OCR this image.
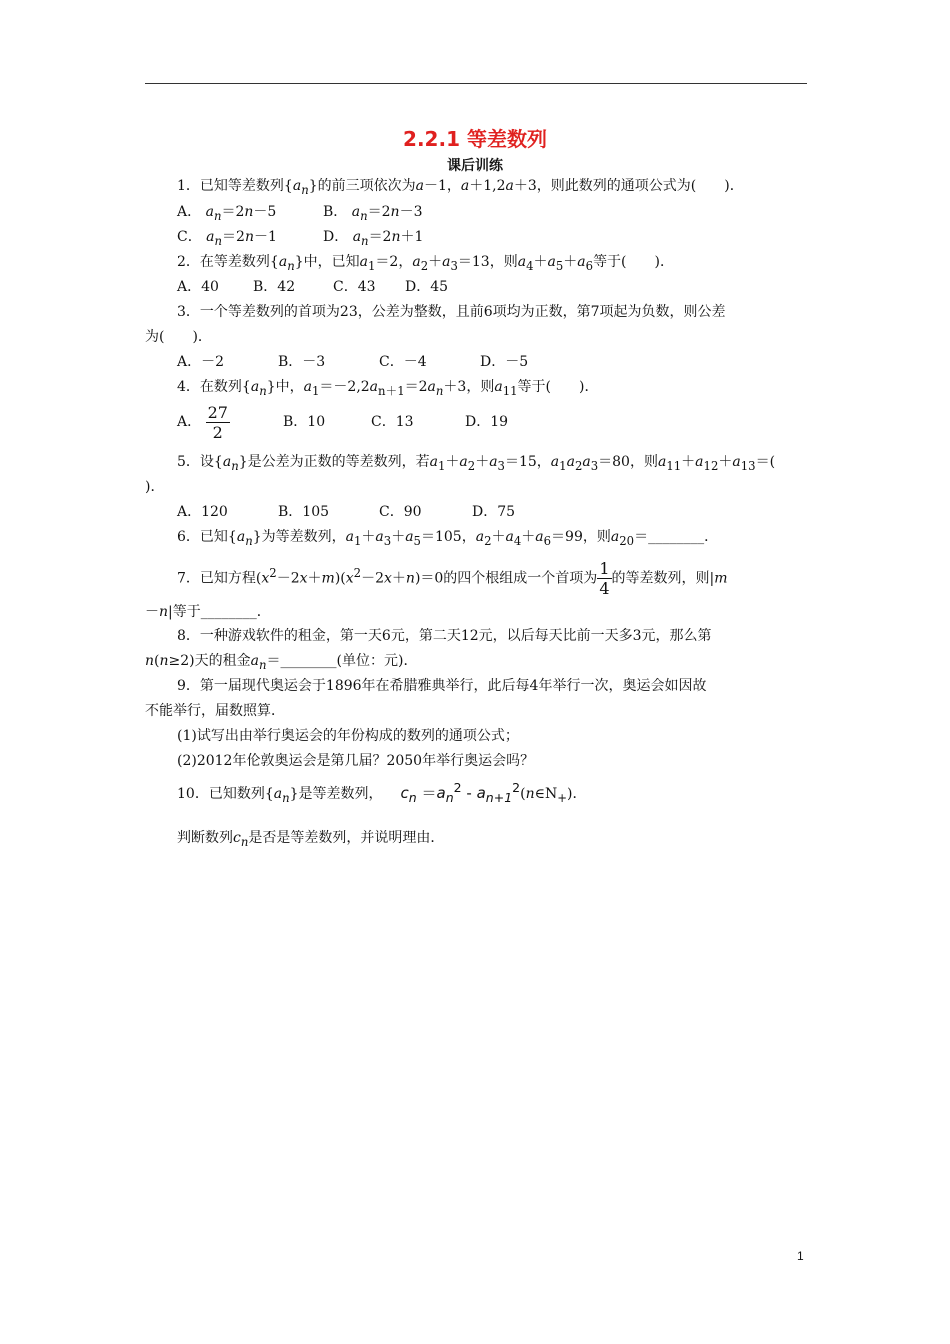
2.2.1 等差数列
课后训练
1．已知等差数列$\{a_n\}$的前三项依次为a－1，a＋1,2a＋3，则此数列的通项公式为(　　)．
A． $a_n=2n-5$	B． $a_n=2n-3$
C． $a_n=2n-1$	D． $a_n=2n+1$
2．在等差数列$\{a_n\}$中，已知$a_1=2$，$a_2+a_3=13$，则$a_4+a_5+a_6$等于(　　)．
A．40 B．42	C．43 D．45
3．一个等差数列的首项为23，公差为整数，且前6项均为正数，第7项起为负数，则公差
为(　　)．
A．－2	B．－3	C．－4	D．－5
4．在数列$\{a_n\}$中，$a_1=-2,2a_{n+1}=2a_n+3$，则$a_{11}$等于(　　)．
A． $\frac{27}{2}$	B．10	C．13	D．19
5．设$\{a_n\}$是公差为正数的等差数列，若$a_1+a_2+a_3=15$，$a_1a_2a_3=80$，则$a_{11}+a_{12}+a_{13}=$(
)．
A．120	B．105	C．90	D．75
6．已知$\{a_n\}$为等差数列，$a_1+a_3+a_5=105$，$a_2+a_4+a_6=99$，则$a_{20}=\_\_\_\_\_\_\_\_$．
7．已知方程$(x^2-2x+m)(x^2-2x+n)=0$的四个根组成一个首项为 $\frac{1}{4}$ 的等差数列，则|m
－n|等于________．
8．一种游戏软件的租金，第一天6元，第二天12元，以后每天比前一天多3元，那么第
n(n≥2)天的租金$a_n=\_\_\_\_\_\_\_\_$(单位：元)．
9．第一届现代奥运会于1896年在希腊雅典举行，此后每4年举行一次，奥运会如因故
不能举行，届数照算．
(1)试写出由举行奥运会的年份构成的数列的通项公式；
(2)2012年伦敦奥运会是第几届？2050年举行奥运会吗？
10．已知数列$\{a_n\}$是等差数列， $c_n =a_n^2$ - $a_{n+1}^2(n\in N_+)$．
判断数列$c_n$是否是等差数列，并说明理由．
1
